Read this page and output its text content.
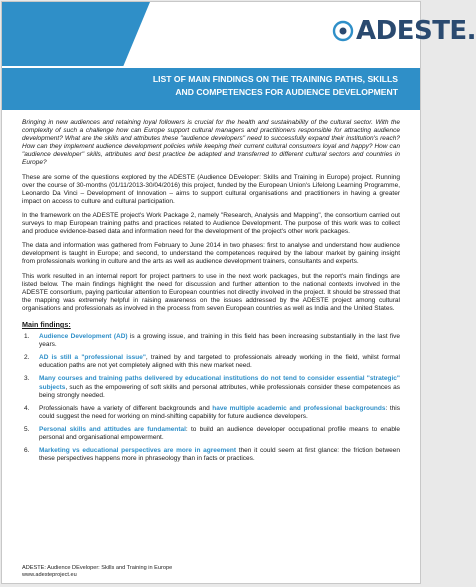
ADESTE.
LIST OF MAIN FINDINGS ON THE TRAINING PATHS, SKILLS
AND COMPETENCES FOR AUDIENCE DEVELOPMENT

Bringing in new audiences and retaining loyal followers is crucial for the health and sustainability of the cultural sector. With the complexity of such a challenge how can Europe support cultural managers and practitioners responsible for attracting audience development? What are the skills and attributes these "audience developers" need to successfully expand their institution's reach? How can they implement audience development policies while keeping their current cultural consumers loyal and happy? How can "audience developer" skills, attributes and best practice be adapted and transferred to different cultural sectors and countries in Europe?

These are some of the questions explored by the ADESTE (Audience DEveloper: Skills and Training in Europe) project. Running over the course of 30-months (01/11/2013-30/04/2016) this project, funded by the European Union's Lifelong Learning Programme, Leonardo Da Vinci – Development of Innovation – aims to support cultural organisations and practitioners in having a greater impact on access to culture and cultural participation.

In the framework on the ADESTE project's Work Package 2, namely "Research, Analysis and Mapping", the consortium carried out surveys to map European training paths and practices related to Audience Development. The purpose of this work was to collect and produce evidence-based data and information need for the development of the project's other work packages.

The data and information was gathered from February to June 2014 in two phases: first to analyse and understand how audience development is taught in Europe; and second, to understand the competences required by the labour market by gaining insight from professionals working in culture and the arts as well as audience development trainers, consultants and experts.

This work resulted in an internal report for project partners to use in the next work packages, but the report's main findings are listed below. The main findings highlight the need for discussion and further attention to the national contexts involved in the ADESTE consortium, paying particular attention to European countries not directly involved in the project. It should be stressed that the mapping was extremely helpful in raising awareness on the issues addressed by the ADESTE project among cultural organisations and professionals as involved in the process from seven European countries as well as India and the United States.

Main findings:
1. Audience Development (AD) is a growing issue, and training in this field has been increasing substantially in the last five years.
2. AD is still a "professional issue", trained by and targeted to professionals already working in the field, whilst formal education paths are not yet completely aligned with this new market need.
3. Many courses and training paths delivered by educational institutions do not tend to consider essential "strategic" subjects, such as the empowering of soft skills and personal attributes, while professionals consider these competences as being strongly needed.
4. Professionals have a variety of different backgrounds and have multiple academic and professional backgrounds: this could suggest the need for working on mind-shifting capability for future audience developers.
5. Personal skills and attitudes are fundamental: to build an audience developer occupational profile means to enable personal and organisational empowerment.
6. Marketing vs educational perspectives are more in agreement then it could seem at first glance: the friction between these perspectives happens more in phraseology than in facts or practices.
ADESTE: Audience DEveloper: Skills and Training in Europe
www.adesteproject.eu
